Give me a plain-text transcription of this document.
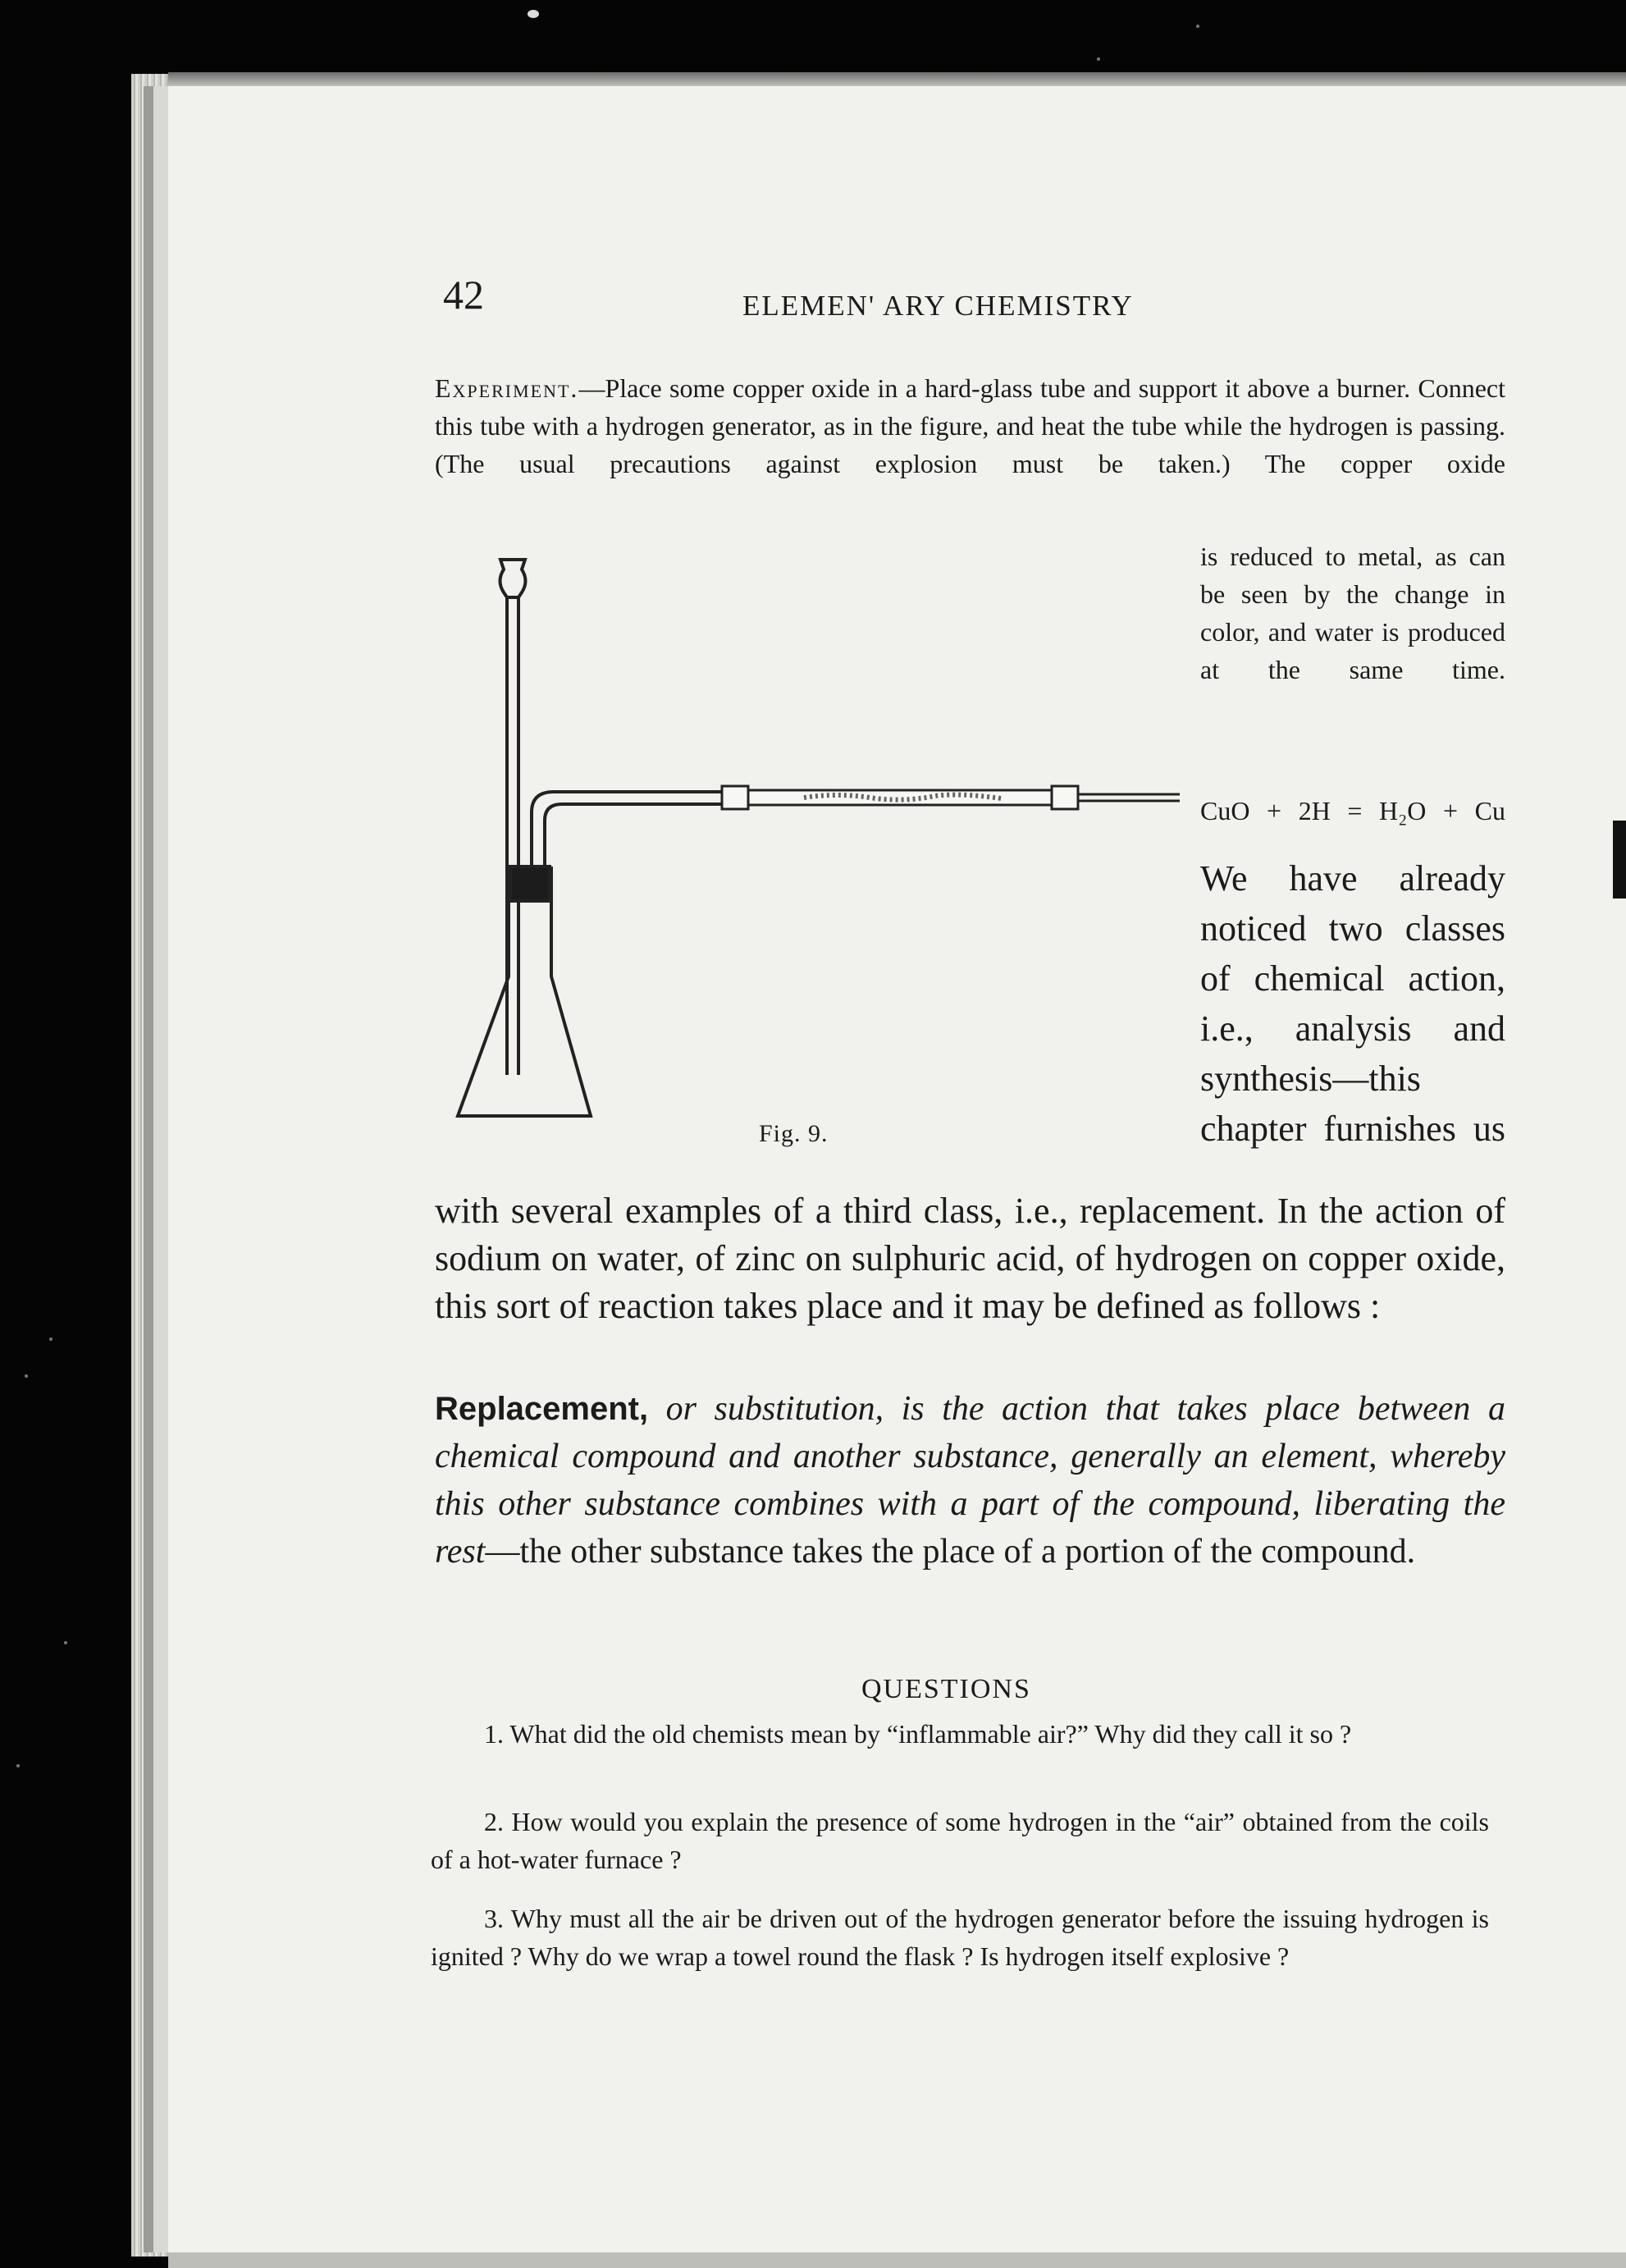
42	ELEMEN' ARY CHEMISTRY
Experiment.—Place some copper oxide in a hard-glass tube and support it above a burner. Connect this tube with a hydrogen generator, as in the figure, and heat the tube while the hydrogen is passing. (The usual precautions against explosion must be taken.) The copper oxide
is reduced to metal, as can be seen by the change in color, and water is produced at the same time.
CuO + 2H = H₂O + Cu
We have already noticed two classes of chemical action, i.e., analysis and synthesis—this chapter furnishes us
Fig. 9.
with several examples of a third class, i.e., replacement. In the action of sodium on water, of zinc on sulphuric acid, of hydrogen on copper oxide, this sort of reaction takes place and it may be defined as follows :
Replacement, or substitution, is the action that takes place between a chemical compound and another substance, generally an element, whereby this other substance combines with a part of the compound, liberating the rest—the other substance takes the place of a portion of the compound.
QUESTIONS
1. What did the old chemists mean by “inflammable air?” Why did they call it so ?
2. How would you explain the presence of some hydrogen in the “air” obtained from the coils of a hot-water furnace ?
3. Why must all the air be driven out of the hydrogen generator before the issuing hydrogen is ignited ? Why do we wrap a towel round the flask ? Is hydrogen itself explosive ?
